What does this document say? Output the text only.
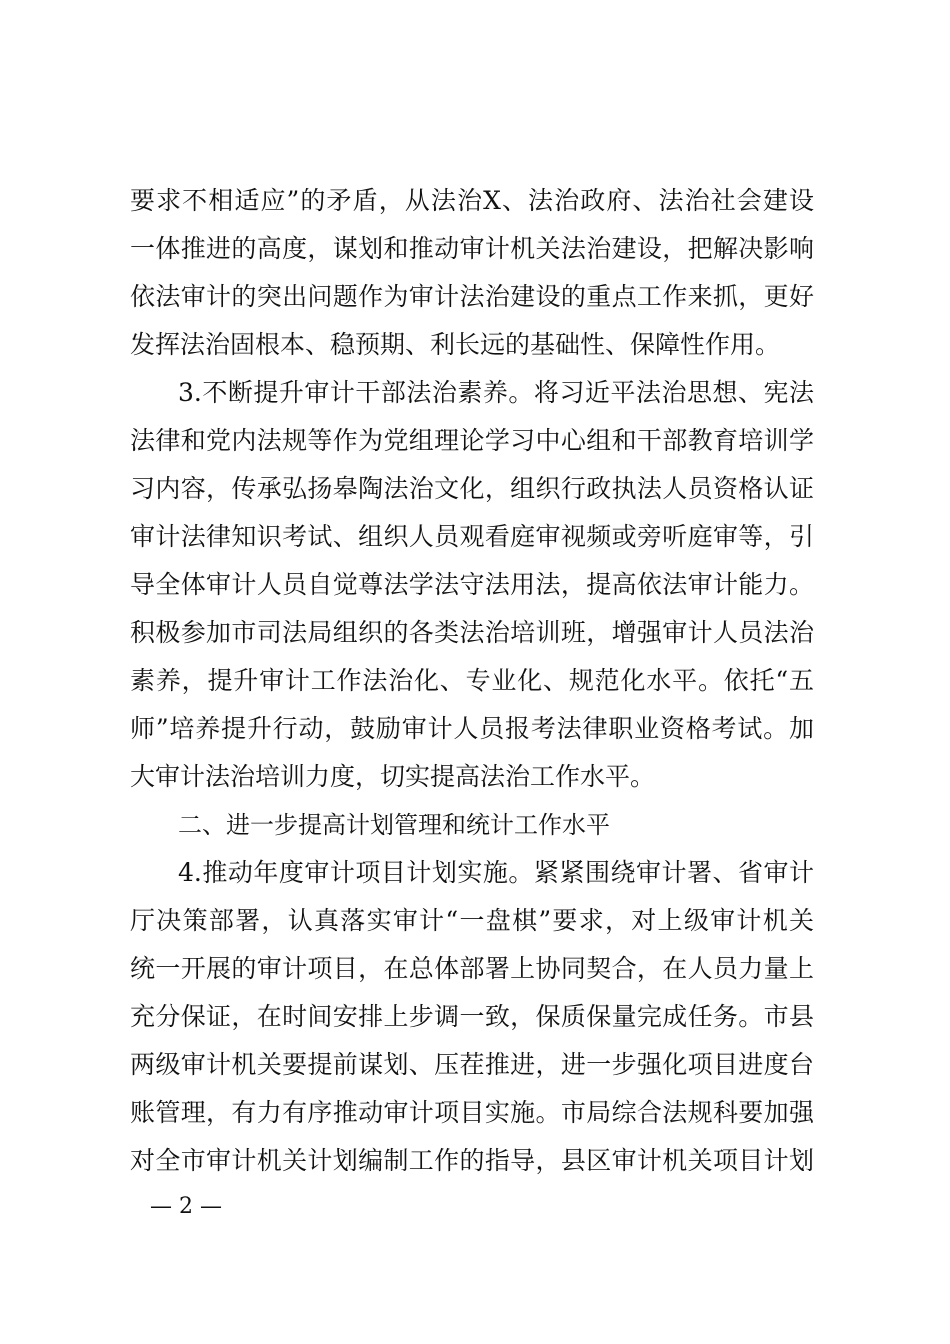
要求不相适应”的矛盾，从法治X、法治政府、法治社会建设
一体推进的高度，谋划和推动审计机关法治建设，把解决影响
依法审计的突出问题作为审计法治建设的重点工作来抓，更好
发挥法治固根本、稳预期、利长远的基础性、保障性作用。
3.不断提升审计干部法治素养。将习近平法治思想、宪法
法律和党内法规等作为党组理论学习中心组和干部教育培训学
习内容，传承弘扬皋陶法治文化，组织行政执法人员资格认证
审计法律知识考试、组织人员观看庭审视频或旁听庭审等，引
导全体审计人员自觉尊法学法守法用法，提高依法审计能力。
积极参加市司法局组织的各类法治培训班，增强审计人员法治
素养，提升审计工作法治化、专业化、规范化水平。依托“五
师”培养提升行动，鼓励审计人员报考法律职业资格考试。加
大审计法治培训力度，切实提高法治工作水平。
二、进一步提高计划管理和统计工作水平
4.推动年度审计项目计划实施。紧紧围绕审计署、省审计
厅决策部署，认真落实审计“一盘棋”要求，对上级审计机关
统一开展的审计项目，在总体部署上协同契合，在人员力量上
充分保证，在时间安排上步调一致，保质保量完成任务。市县
两级审计机关要提前谋划、压茬推进，进一步强化项目进度台
账管理，有力有序推动审计项目实施。市局综合法规科要加强
对全市审计机关计划编制工作的指导，县区审计机关项目计划
— 2 —
